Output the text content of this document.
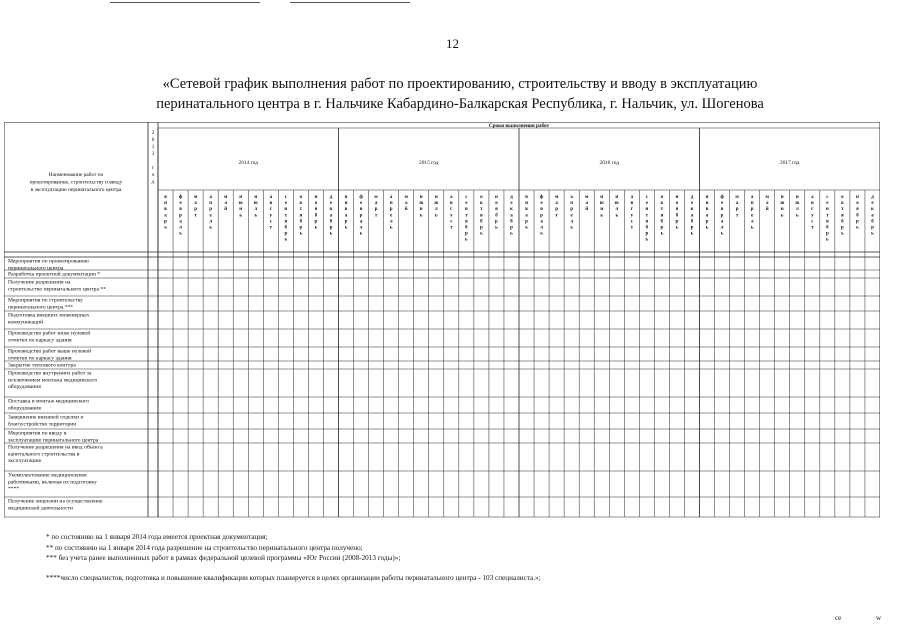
12
«Сетевой график выполнения работ по проектированию, строительству и вводу в эксплуатацию
перинатального центра в г. Нальчике Кабардино-Балкарская Республика, г. Нальчик, ул. Шогенова
Сроки выполнения работ
Наименование работ по
проектированию, строительству и вводу
в эксплуатацию перинатального центра
2
0
1
3
г
о
д
2014 год
я
н
в
а
р
ь
ф
е
в
р
а
л
ь
м
а
р
т
а
п
р
е
л
ь
м
а
й
и
ю
н
ь
и
ю
л
ь
а
в
г
у
с
т
с
е
н
т
я
б
р
ь
о
к
т
я
б
р
ь
н
о
я
б
р
ь
д
е
к
а
б
р
ь
2015 год
я
н
в
а
р
ь
ф
е
в
р
а
л
ь
м
а
р
т
а
п
р
е
л
ь
м
а
й
и
ю
н
ь
и
ю
л
ь
а
в
г
у
с
т
с
е
н
т
я
б
р
ь
о
к
т
я
б
р
ь
н
о
я
б
р
ь
д
е
к
а
б
р
ь
2016 год
я
н
в
а
р
ь
ф
е
в
р
а
л
ь
м
а
р
т
а
п
р
е
л
ь
м
а
й
и
ю
н
ь
и
ю
л
ь
а
в
г
у
с
т
с
е
н
т
я
б
р
ь
о
к
т
я
б
р
ь
н
о
я
б
р
ь
д
е
к
а
б
р
ь
2017 год
я
н
в
а
р
ь
ф
е
в
р
а
л
ь
м
а
р
т
а
п
р
е
л
ь
м
а
й
и
ю
н
ь
и
ю
л
ь
а
в
г
у
с
т
с
е
н
т
я
б
р
ь
о
к
т
я
б
р
ь
н
о
я
б
р
ь
д
е
к
а
б
р
ь
Мероприятия по проектированию
перинатального центра
Разработка проектной документации *
Получение разрешения на
строительство перинатального центра **
Мероприятия по строительству
перинатального центра ***
Подготовка внешних инженерных
коммуникаций
Производство работ ниже нулевой
отметки по каркасу здания
Производство работ выше нулевой
отметки по каркасу здания
Закрытие теплового контура
Производство внутренних работ за
исключением монтажа медицинского
оборудования
Поставка и монтаж медицинского
оборудования
Завершение внешней отделки и
благоустройство территории
Мероприятия по вводу в
эксплуатацию перинатального центра
Получение разрешения на ввод объекта
капитального строительства в
эксплуатацию
Укомплектование медицинскими
работниками, включая их подготовку
****
Получение лицензии на осуществление
медицинской деятельности
* по состоянию на 1 января 2014 года имеется проектная документация;
** по состоянию на 1 января 2014 года разрешение на строительство перинатального центра получено;
*** без учета ранее выполненных работ в рамках федеральной целевой программы «Юг России (2008-2013 годы)»;
****число специалистов, подготовка и повышение квалификации которых планируется в целях организации работы перинатального центра - 103 специалиста.»;
ce	w
